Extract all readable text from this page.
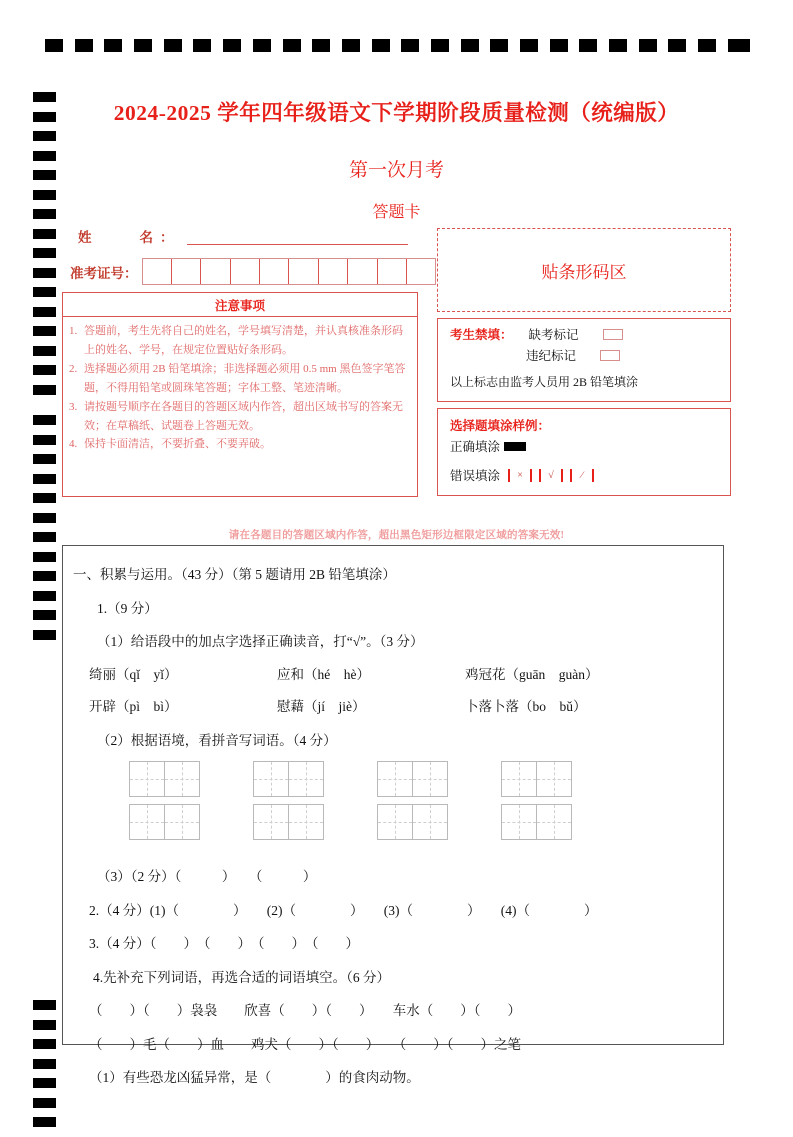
2024-2025 学年四年级语文下学期阶段质量检测（统编版）
第一次月考
答题卡
姓　　名：
准考证号：
注意事项
1. 答题前，考生先将自己的姓名，学号填写清楚，并认真核准条形码上的姓名、学号，在规定位置贴好条形码。
2. 选择题必须用 2B 铅笔填涂；非选择题必须用 0.5 mm 黑色签字笔答题，不得用铅笔或圆珠笔答题；字体工整、笔迹清晰。
3. 请按题号顺序在各题目的答题区域内作答，超出区域书写的答案无效；在草稿纸、试题卷上答题无效。
4. 保持卡面清洁，不要折叠、不要弄破。
贴条形码区
考生禁填： 缺考标记
违纪标记
以上标志由监考人员用 2B 铅笔填涂
选择题填涂样例：
正确填涂
错误填涂	×	√	∕
请在各题目的答题区域内作答，超出黑色矩形边框限定区域的答案无效!
一、积累与运用。（43 分）（第 5 题请用 2B 铅笔填涂）
1.（9 分）
（1）给语段中的加点字选择正确读音，打“√”。（3 分）
绮丽（qǐ　yǐ）	应和（hé　hè）	鸡冠花（guān　guàn）
开辟（pì　bì）	慰藉（jí　jiè）	卜落卜落（bo　bǔ）
（2）根据语境，看拼音写词语。（4 分）
（3）（2 分）（　　　）　　（　　　）
2.（4 分）(1)（　　　　）　　(2)（　　　　）　　(3)（　　　　）　　(4)（　　　　）
3.（4 分）（　　）　（　　）　（　　）　（　　）
4.先补充下列词语，再选合适的词语填空。（6 分）
（　　）（　　）袅袅　　欣喜（　　）（　　）　　车水（　　）（　　）
（　　）毛（　　）血　　鸡犬（　　）（　　）　　（　　）（　　）之笔
（1）有些恐龙凶猛异常，是（　　　　）的食肉动物。
